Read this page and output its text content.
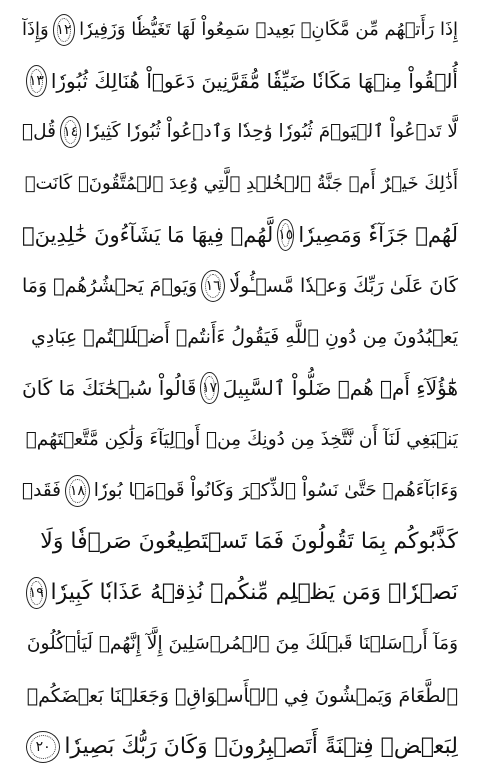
إِذَا رَأَتۡهُم مِّن مَّكَانِۭ بَعِيدٖ سَمِعُواْ لَهَا تَغَيُّظٗا وَزَفِيرٗا
١٢
وَإِذَآ
أُلۡقُواْ مِنۡهَا مَكَانٗا ضَيِّقٗا مُّقَرَّنِينَ دَعَوۡاْ هُنَالِكَ ثُبُورٗا
١٣
لَّا تَدۡعُواْ ٱلۡيَوۡمَ ثُبُورٗا وَٰحِدٗا وَٱدۡعُواْ ثُبُورٗا كَثِيرٗا
١٤
قُلۡ
أَذَٰلِكَ خَيۡرٌ أَمۡ جَنَّةُ ٱلۡخُلۡدِ ٱلَّتِي وُعِدَ ٱلۡمُتَّقُونَۚ كَانَتۡ
لَهُمۡ جَزَآءٗ وَمَصِيرٗا
١٥
لَّهُمۡ فِيهَا مَا يَشَآءُونَ خَٰلِدِينَۚ
كَانَ عَلَىٰ رَبِّكَ وَعۡدٗا مَّسۡـُٔولٗا
١٦
وَيَوۡمَ يَحۡشُرُهُمۡ وَمَا
يَعۡبُدُونَ مِن دُونِ ٱللَّهِ فَيَقُولُ ءَأَنتُمۡ أَضۡلَلۡتُمۡ عِبَادِي
هَٰٓؤُلَآءِ أَمۡ هُمۡ ضَلُّواْ ٱلسَّبِيلَ
١٧
قَالُواْ سُبۡحَٰنَكَ مَا كَانَ
يَنۢبَغِي لَنَآ أَن نَّتَّخِذَ مِن دُونِكَ مِنۡ أَوۡلِيَآءَ وَلَٰكِن مَّتَّعۡتَهُمۡ
وَءَابَآءَهُمۡ حَتَّىٰ نَسُواْ ٱلذِّكۡرَ وَكَانُواْ قَوۡمَۢا بُورٗا
١٨
فَقَدۡ
كَذَّبُوكُم بِمَا تَقُولُونَ فَمَا تَسۡتَطِيعُونَ صَرۡفٗا وَلَا
نَصۡرٗاۚ وَمَن يَظۡلِم مِّنكُمۡ نُذِقۡهُ عَذَابٗا كَبِيرٗا
١٩
وَمَآ أَرۡسَلۡنَا قَبۡلَكَ مِنَ ٱلۡمُرۡسَلِينَ إِلَّآ إِنَّهُمۡ لَيَأۡكُلُونَ
ٱلطَّعَامَ وَيَمۡشُونَ فِي ٱلۡأَسۡوَاقِۗ وَجَعَلۡنَا بَعۡضَكُمۡ
لِبَعۡضٖ فِتۡنَةً أَتَصۡبِرُونَۗ وَكَانَ رَبُّكَ بَصِيرٗا
٢٠
